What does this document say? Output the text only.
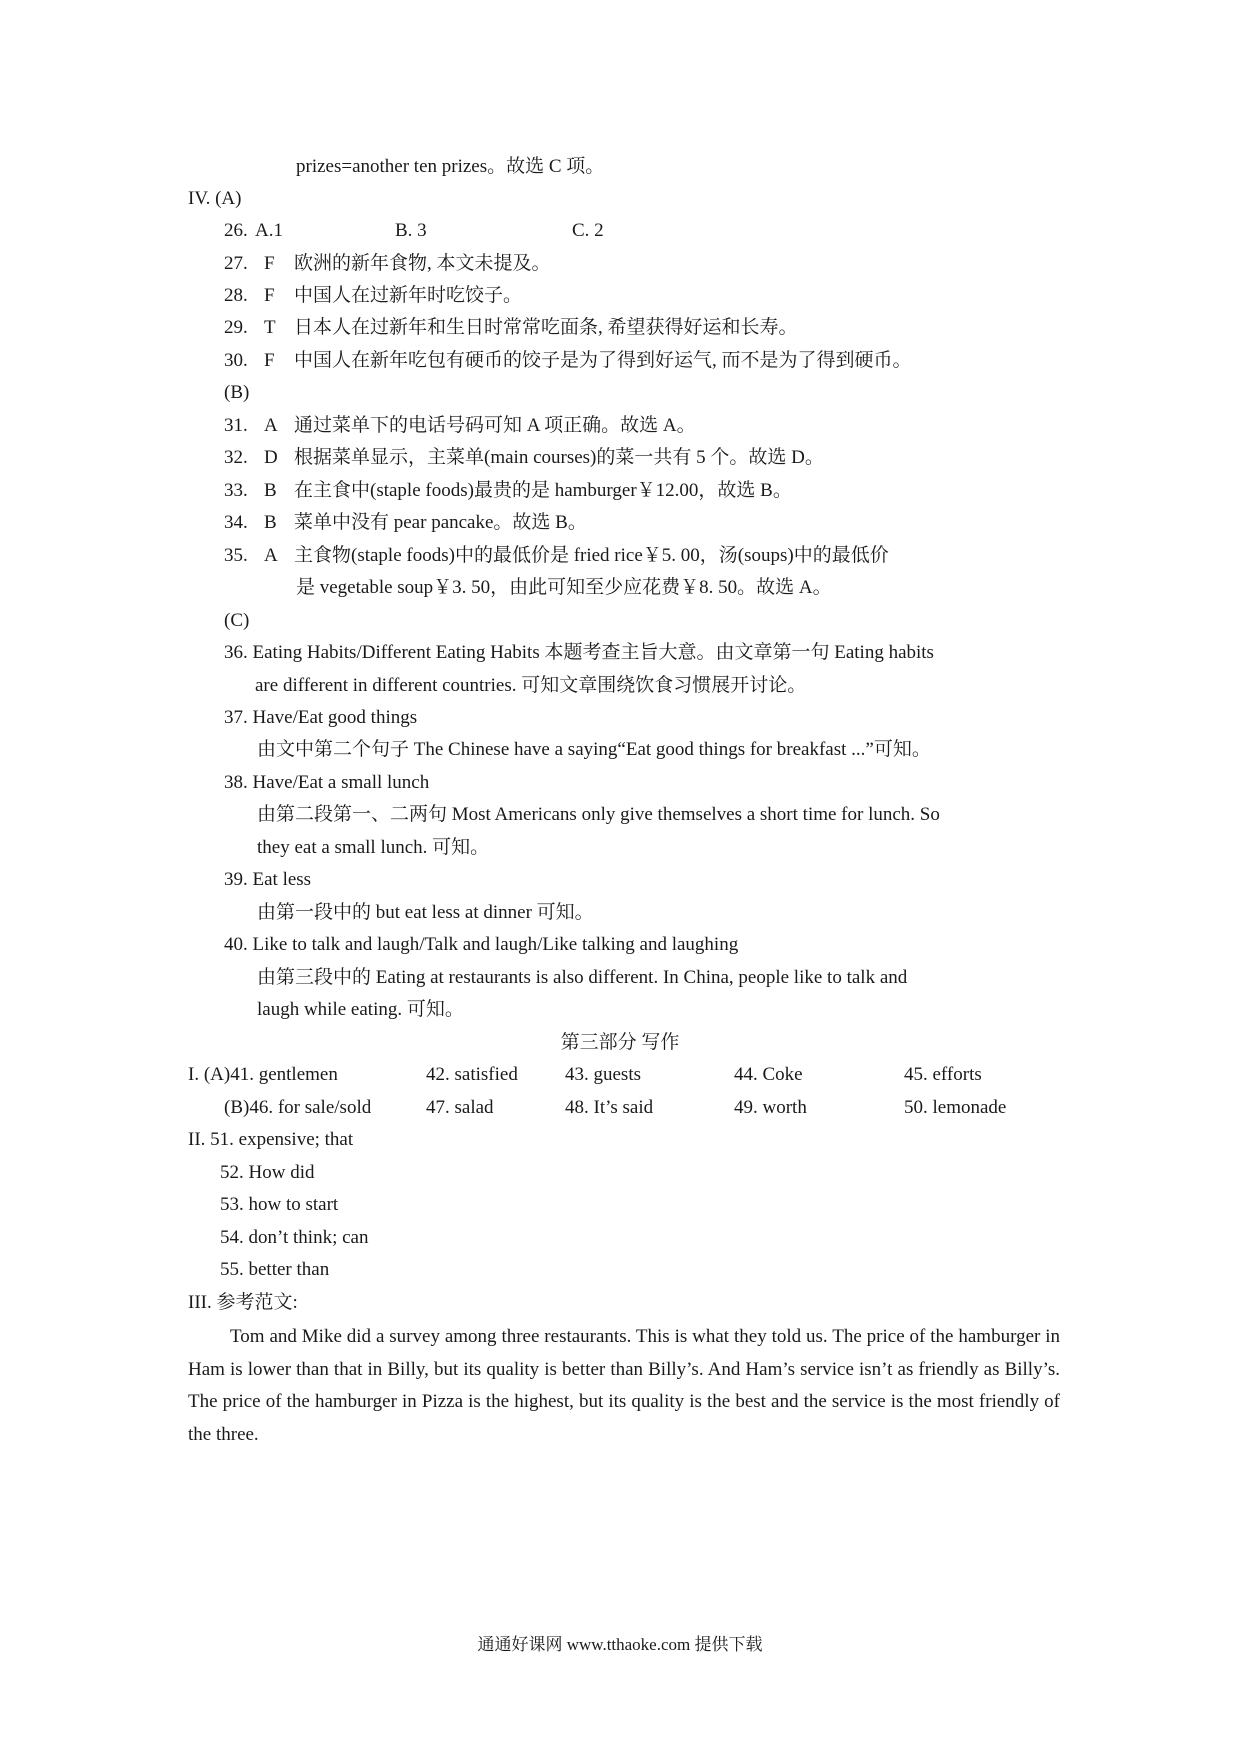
prizes=another ten prizes。故选 C 项。
IV. (A)
26. A.1	B. 3	C. 2
27. F 欧洲的新年食物, 本文未提及。
28. F 中国人在过新年时吃饺子。
29. T 日本人在过新年和生日时常常吃面条, 希望获得好运和长寿。
30. F 中国人在新年吃包有硬币的饺子是为了得到好运气, 而不是为了得到硬币。
(B)
31. A 通过菜单下的电话号码可知 A 项正确。故选 A。
32. D 根据菜单显示，主菜单(main courses)的菜一共有 5 个。故选 D。
33. B 在主食中(staple foods)最贵的是 hamburger￥12.00，故选 B。
34. B 菜单中没有 pear pancake。故选 B。
35. A 主食物(staple foods)中的最低价是 fried rice￥5. 00，汤(soups)中的最低价
是 vegetable soup￥3. 50，由此可知至少应花费￥8. 50。故选 A。
(C)
36. Eating Habits/Different Eating Habits 本题考查主旨大意。由文章第一句 Eating habits
are different in different countries. 可知文章围绕饮食习惯展开讨论。
37. Have/Eat good things
由文中第二个句子 The Chinese have a saying“Eat good things for breakfast ...”可知。
38. Have/Eat a small lunch
由第二段第一、二两句 Most Americans only give themselves a short time for lunch. So
they eat a small lunch. 可知。
39. Eat less
由第一段中的 but eat less at dinner 可知。
40. Like to talk and laugh/Talk and laugh/Like talking and laughing
由第三段中的 Eating at restaurants is also different. In China, people like to talk and
laugh while eating. 可知。
第三部分 写作
I. (A)41. gentlemen	42. satisfied 43. guests	44. Coke	45. efforts
(B)46. for sale/sold	47. salad	48. It’s said	49. worth	50. lemonade
II. 51. expensive; that
52. How did
53. how to start
54. don’t think; can
55. better than
III. 参考范文:
Tom and Mike did a survey among three restaurants. This is what they told us. The price of the hamburger in Ham is lower than that in Billy, but its quality is better than Billy’s. And Ham’s service isn’t as friendly as Billy’s. The price of the hamburger in Pizza is the highest, but its quality is the best and the service is the most friendly of the three.
通通好课网 www.tthaoke.com 提供下载
